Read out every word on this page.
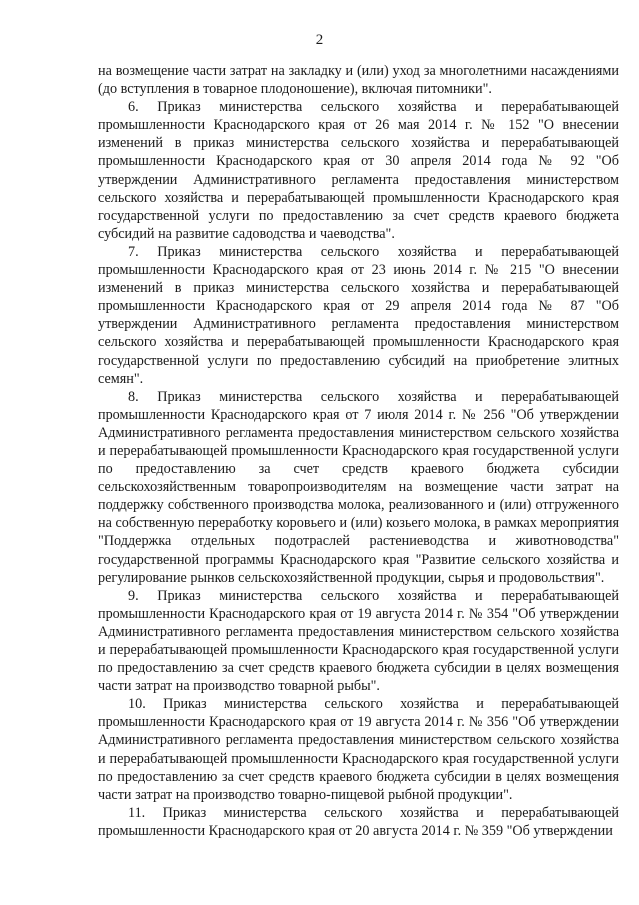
2

на возмещение части затрат на закладку и (или) уход за многолетними насаждениями (до вступления в товарное плодоношение), включая питомники".

6. Приказ министерства сельского хозяйства и перерабатывающей промышленности Краснодарского края от 26 мая 2014 г. № 152 "О внесении изменений в приказ министерства сельского хозяйства и перерабатывающей промышленности Краснодарского края от 30 апреля 2014 года № 92 "Об утверждении Административного регламента предоставления министерством сельского хозяйства и перерабатывающей промышленности Краснодарского края государственной услуги по предоставлению за счет средств краевого бюджета субсидий на развитие садоводства и чаеводства".

7. Приказ министерства сельского хозяйства и перерабатывающей промышленности Краснодарского края от 23 июнь 2014 г. № 215 "О внесении изменений в приказ министерства сельского хозяйства и перерабатывающей промышленности Краснодарского края от 29 апреля 2014 года № 87 "Об утверждении Административного регламента предоставления министерством сельского хозяйства и перерабатывающей промышленности Краснодарского края государственной услуги по предоставлению субсидий на приобретение элитных семян".

8. Приказ министерства сельского хозяйства и перерабатывающей промышленности Краснодарского края от 7 июля 2014 г. № 256 "Об утверждении Административного регламента предоставления министерством сельского хозяйства и перерабатывающей промышленности Краснодарского края государственной услуги по предоставлению за счет средств краевого бюджета субсидии сельскохозяйственным товаропроизводителям на возмещение части затрат на поддержку собственного производства молока, реализованного и (или) отгруженного на собственную переработку коровьего и (или) козьего молока, в рамках мероприятия "Поддержка отдельных подотраслей растениеводства и животноводства" государственной программы Краснодарского края "Развитие сельского хозяйства и регулирование рынков сельскохозяйственной продукции, сырья и продовольствия".

9. Приказ министерства сельского хозяйства и перерабатывающей промышленности Краснодарского края от 19 августа 2014 г. № 354 "Об утверждении Административного регламента предоставления министерством сельского хозяйства и перерабатывающей промышленности Краснодарского края государственной услуги по предоставлению за счет средств краевого бюджета субсидии в целях возмещения части затрат на производство товарной рыбы".

10. Приказ министерства сельского хозяйства и перерабатывающей промышленности Краснодарского края от 19 августа 2014 г. № 356 "Об утверждении Административного регламента предоставления министерством сельского хозяйства и перерабатывающей промышленности Краснодарского края государственной услуги по предоставлению за счет средств краевого бюджета субсидии в целях возмещения части затрат на производство товарно-пищевой рыбной продукции".

11. Приказ министерства сельского хозяйства и перерабатывающей промышленности Краснодарского края от 20 августа 2014 г. № 359 "Об утверждении
